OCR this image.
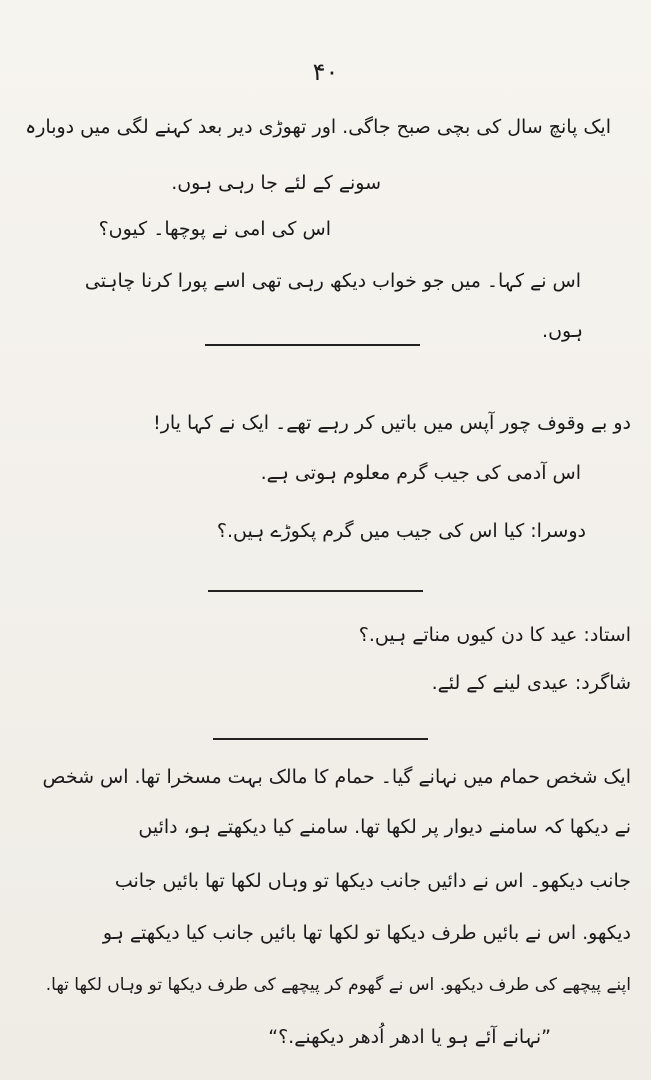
۴۰
ایک پانچ سال کی بچی صبح جاگی. اور تھوڑی دیر بعد کہنے لگی میں دوبارہ
سونے کے لئے جا رہی ہوں.
اس کی امی نے پوچھا۔ کیوں؟
اس نے کہا۔ میں جو خواب دیکھ رہی تھی اسے پورا کرنا چاہتی
ہوں.
دو بے وقوف چور آپس میں باتیں کر رہے تھے۔ ایک نے کہا یار!
اس آدمی کی جیب گرم معلوم ہوتی ہے.
دوسرا: کیا اس کی جیب میں گرم پکوڑے ہیں.؟
استاد: عید کا دن کیوں مناتے ہیں.؟
شاگرد: عیدی لینے کے لئے.
ایک شخص حمام میں نہانے گیا۔ حمام کا مالک بہت مسخرا تھا. اس شخص
نے دیکھا کہ سامنے دیوار پر لکھا تھا. سامنے کیا دیکھتے ہو، دائیں
جانب دیکھو۔ اس نے دائیں جانب دیکھا تو وہاں لکھا تھا بائیں جانب
دیکھو. اس نے بائیں طرف دیکھا تو لکھا تھا بائیں جانب کیا دیکھتے ہو
اپنے پیچھے کی طرف دیکھو. اس نے گھوم کر پیچھے کی طرف دیکھا تو وہاں لکھا تھا.
”نہانے آئے ہو یا ادھر اُدھر دیکھنے.؟“
